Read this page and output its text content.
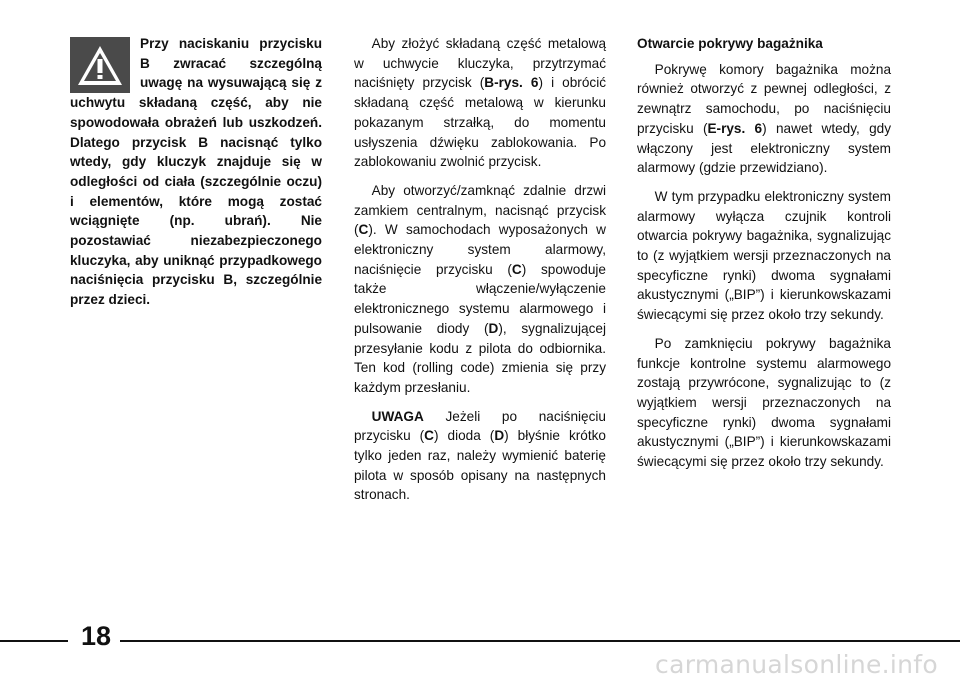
Przy naciskaniu przycisku B zwracać szczególną uwagę na wysuwającą się z uchwytu składaną część, aby nie spowodowała obrażeń lub uszkodzeń. Dlatego przycisk B nacisnąć tylko wtedy, gdy kluczyk znajduje się w odległości od ciała (szczególnie oczu) i elementów, które mogą zostać wciągnięte (np. ubrań). Nie pozostawiać niezabezpieczonego kluczyka, aby uniknąć przypadkowego naciśnięcia przycisku B, szczególnie przez dzieci.

Aby złożyć składaną część metalową w uchwycie kluczyka, przytrzymać naciśnięty przycisk (B-rys. 6) i obrócić składaną część metalową w kierunku pokazanym strzałką, do momentu usłyszenia dźwięku zablokowania. Po zablokowaniu zwolnić przycisk.

Aby otworzyć/zamknąć zdalnie drzwi zamkiem centralnym, nacisnąć przycisk (C). W samochodach wyposażonych w elektroniczny system alarmowy, naciśnięcie przycisku (C) spowoduje także włączenie/wyłączenie elektronicznego systemu alarmowego i pulsowanie diody (D), sygnalizującej przesyłanie kodu z pilota do odbiornika. Ten kod (rolling code) zmienia się przy każdym przesłaniu.

UWAGA Jeżeli po naciśnięciu przycisku (C) dioda (D) błyśnie krótko tylko jeden raz, należy wymienić baterię pilota w sposób opisany na następnych stronach.

Otwarcie pokrywy bagażnika

Pokrywę komory bagażnika można również otworzyć z pewnej odległości, z zewnątrz samochodu, po naciśnięciu przycisku (E-rys. 6) nawet wtedy, gdy włączony jest elektroniczny system alarmowy (gdzie przewidziano).

W tym przypadku elektroniczny system alarmowy wyłącza czujnik kontroli otwarcia pokrywy bagażnika, sygnalizując to (z wyjątkiem wersji przeznaczonych na specyficzne rynki) dwoma sygnałami akustycznymi („BIP”) i kierunkowskazami świecącymi się przez około trzy sekundy.

Po zamknięciu pokrywy bagażnika funkcje kontrolne systemu alarmowego zostają przywrócone, sygnalizując to (z wyjątkiem wersji przeznaczonych na specyficzne rynki) dwoma sygnałami akustycznymi („BIP”) i kierunkowskazami świecącymi się przez około trzy sekundy.

18
carmanualsonline.info
